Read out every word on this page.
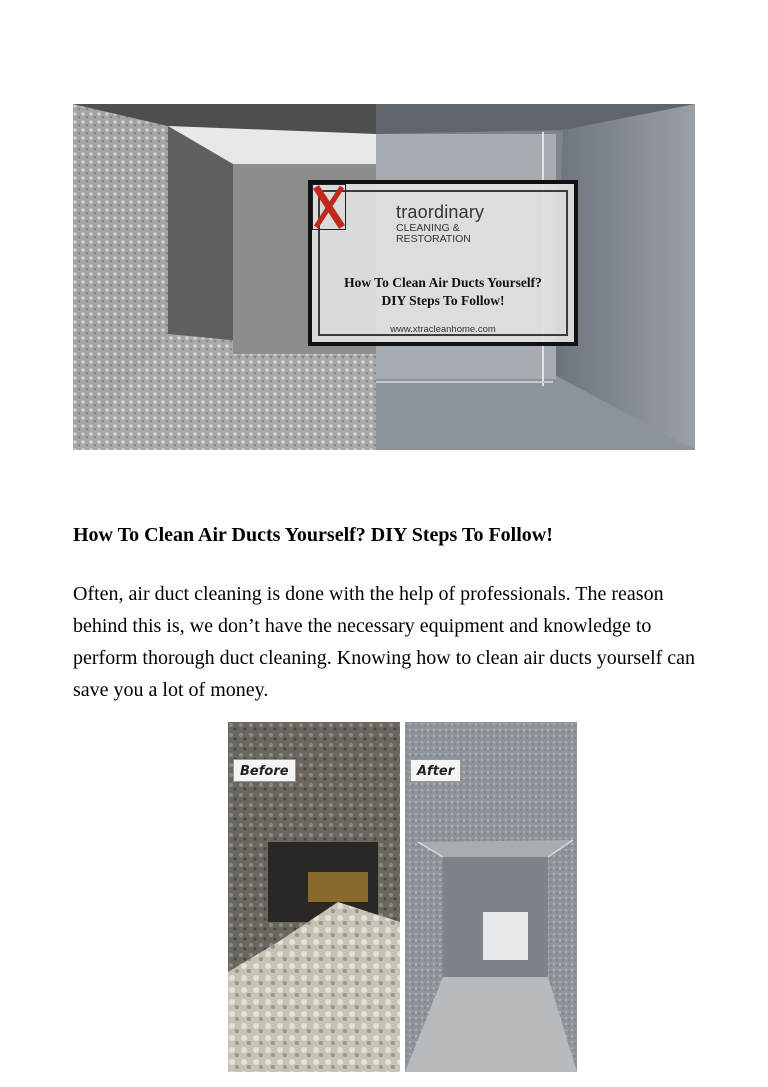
traordinary
CLEANING & RESTORATION
How To Clean Air Ducts Yourself?
DIY Steps To Follow!
www.xtracleanhome.com
How To Clean Air Ducts Yourself? DIY Steps To Follow!

Often, air duct cleaning is done with the help of professionals. The reason behind this is, we don’t have the necessary equipment and knowledge to perform thorough duct cleaning. Knowing how to clean air ducts yourself can save you a lot of money.

Before	After
